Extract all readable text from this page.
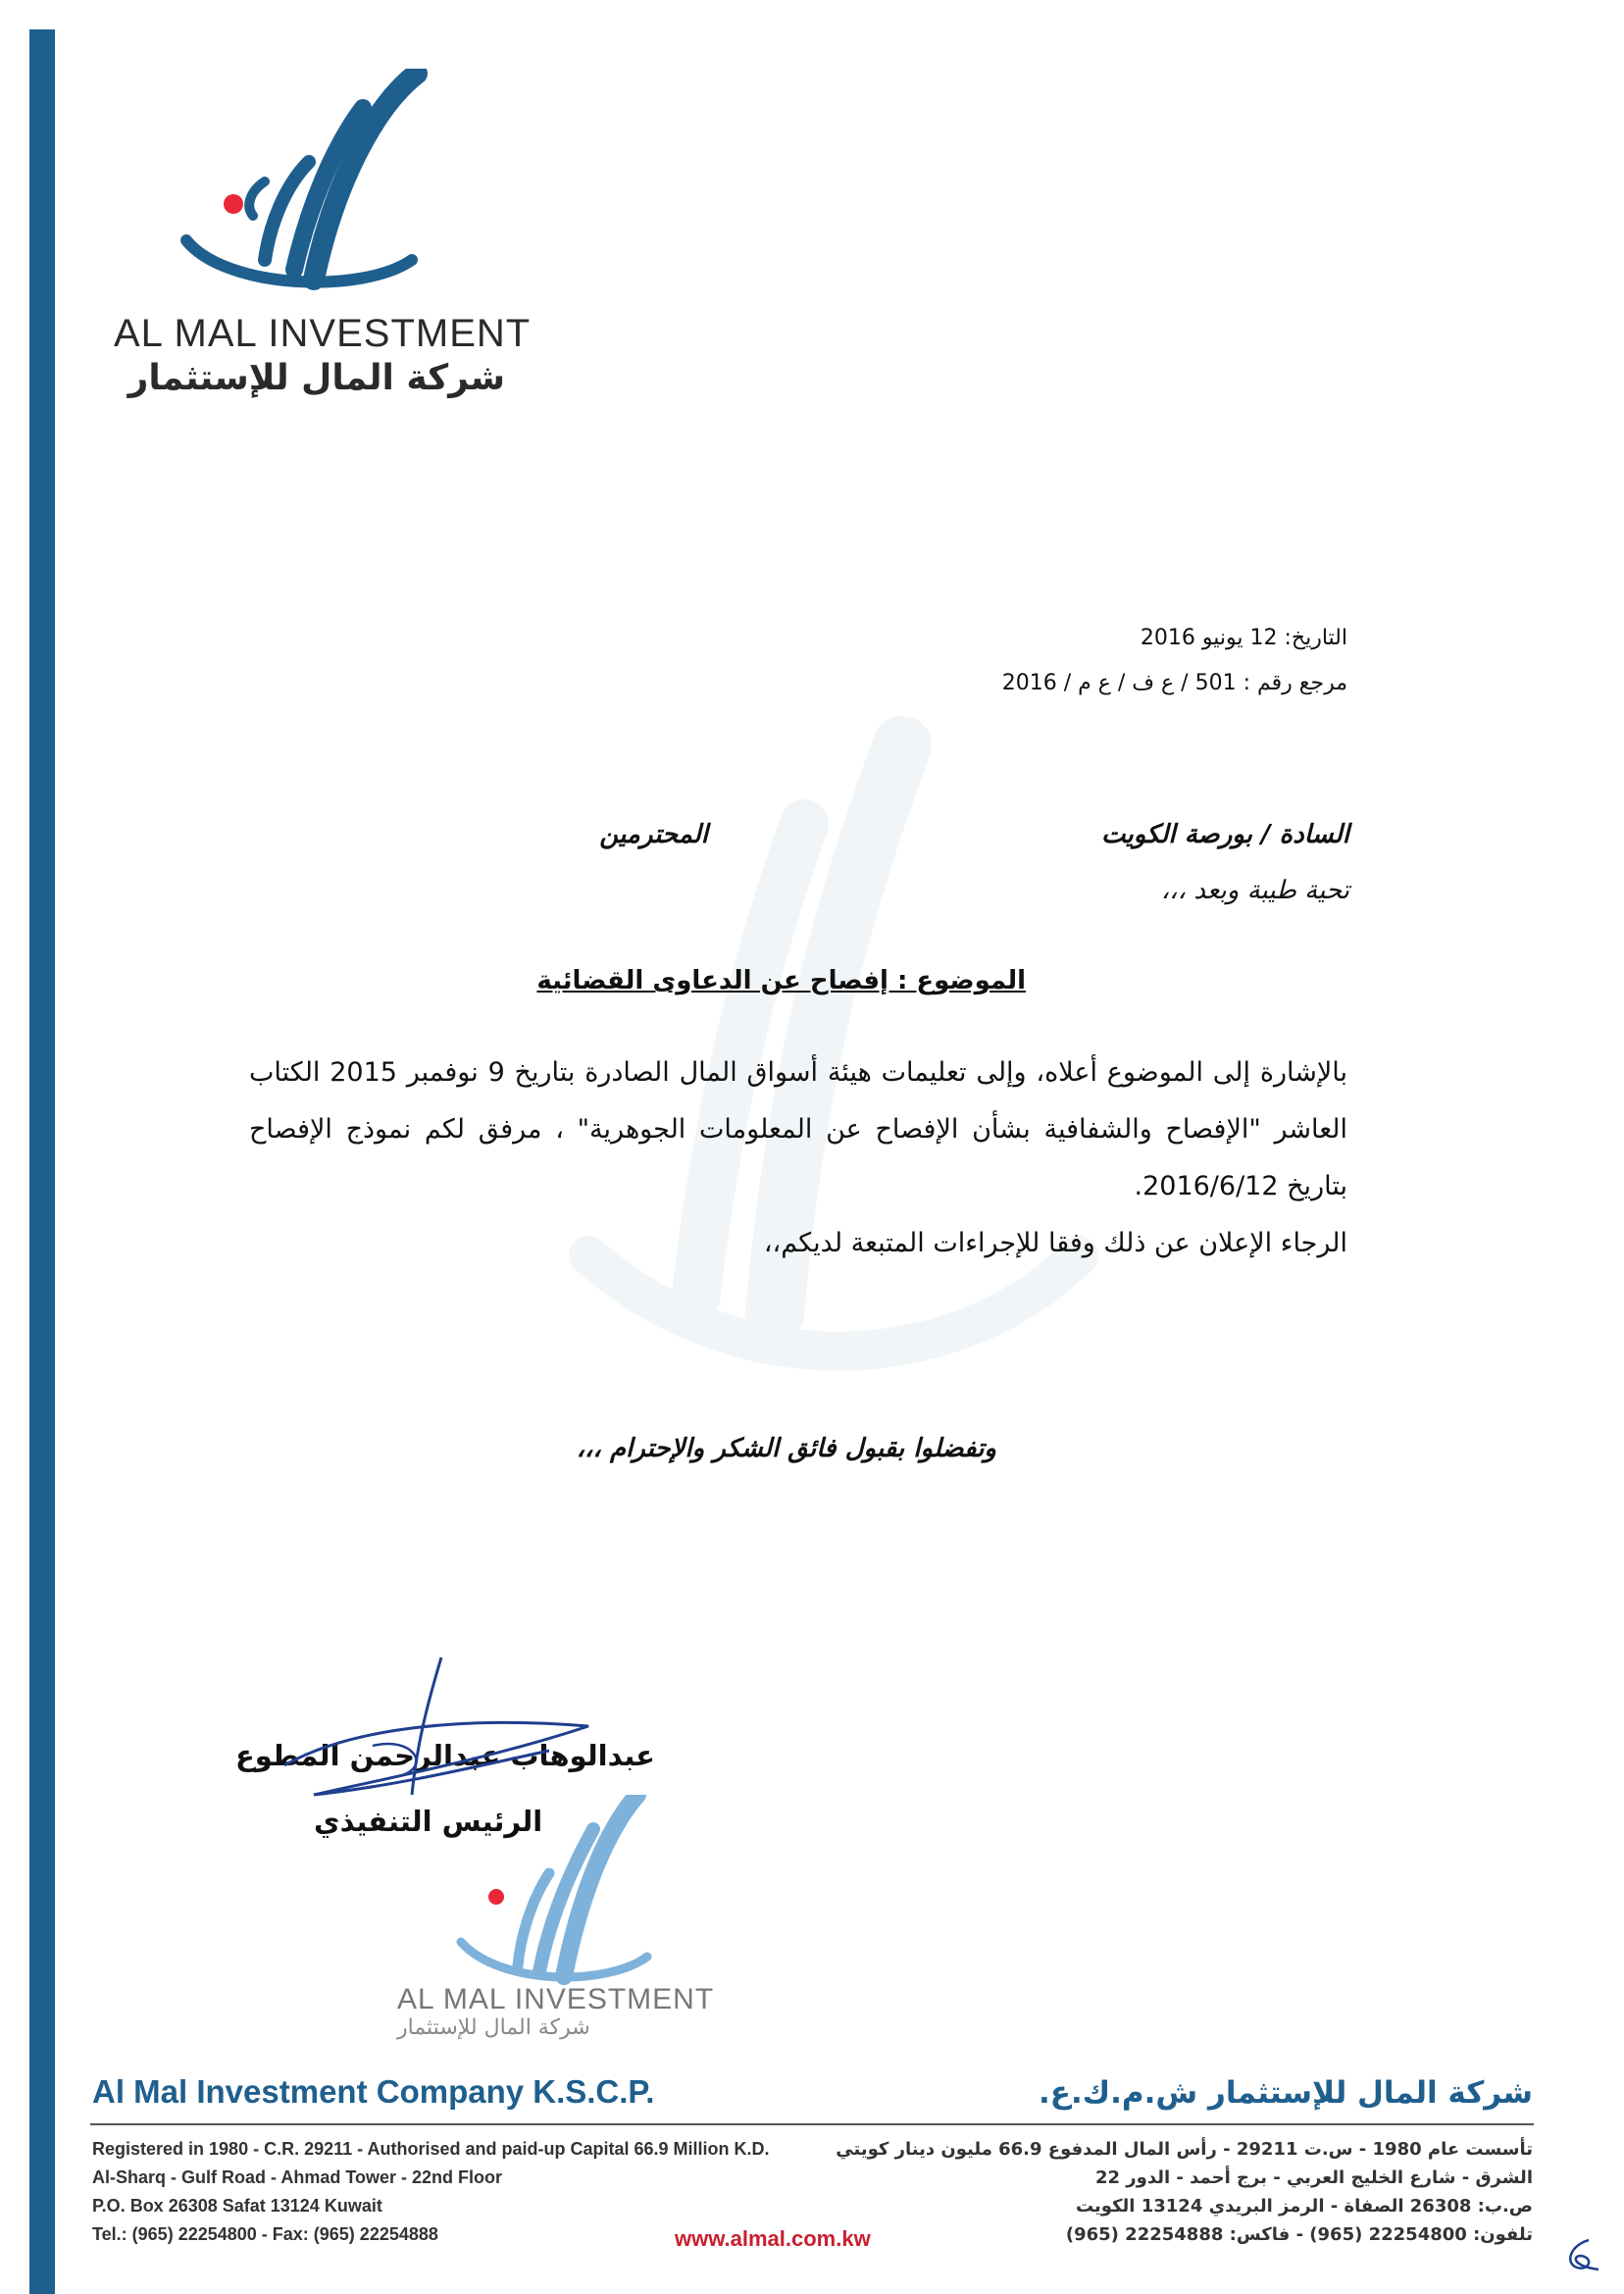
AL MAL INVESTMENT
شركة المال للإستثمار
التاريخ: 12 يونيو 2016
مرجع رقم : 501 / ع ف / ع م / 2016
السادة / بورصة الكويت
المحترمين
تحية طيبة وبعد ،،،
الموضوع : إفصاح عن الدعاوى القضائية

بالإشارة إلى الموضوع أعلاه، وإلى تعليمات هيئة أسواق المال الصادرة بتاريخ 9 نوفمبر 2015 الكتاب العاشر "الإفصاح والشفافية بشأن الإفصاح عن المعلومات الجوهرية" ، مرفق لكم نموذج الإفصاح بتاريخ 2016/6/12.

الرجاء الإعلان عن ذلك وفقا للإجراءات المتبعة لديكم،،

وتفضلوا بقبول فائق الشكر والإحترام ،،،
عبدالوهاب عبدالرحمن المطوع
الرئيس التنفيذي
AL MAL INVESTMENT
شركة المال للإستثمار
Al Mal Investment Company K.S.C.P.	شركة المال للإستثمار ش.م.ك.ع.
Registered in 1980 - C.R. 29211 - Authorised and paid-up Capital 66.9 Million K.D.
Al-Sharq - Gulf Road - Ahmad Tower - 22nd Floor
P.O. Box 26308 Safat 13124 Kuwait
Tel.: (965) 22254800 - Fax: (965) 22254888
تأسست عام 1980 - س.ت 29211 - رأس المال المدفوع 66.9 مليون دينار كويتي
الشرق - شارع الخليج العربي - برج أحمد - الدور 22
ص.ب: 26308 الصفاة - الرمز البريدي 13124 الكويت
تلفون: 22254800 (965) - فاكس: 22254888 (965)
www.almal.com.kw
